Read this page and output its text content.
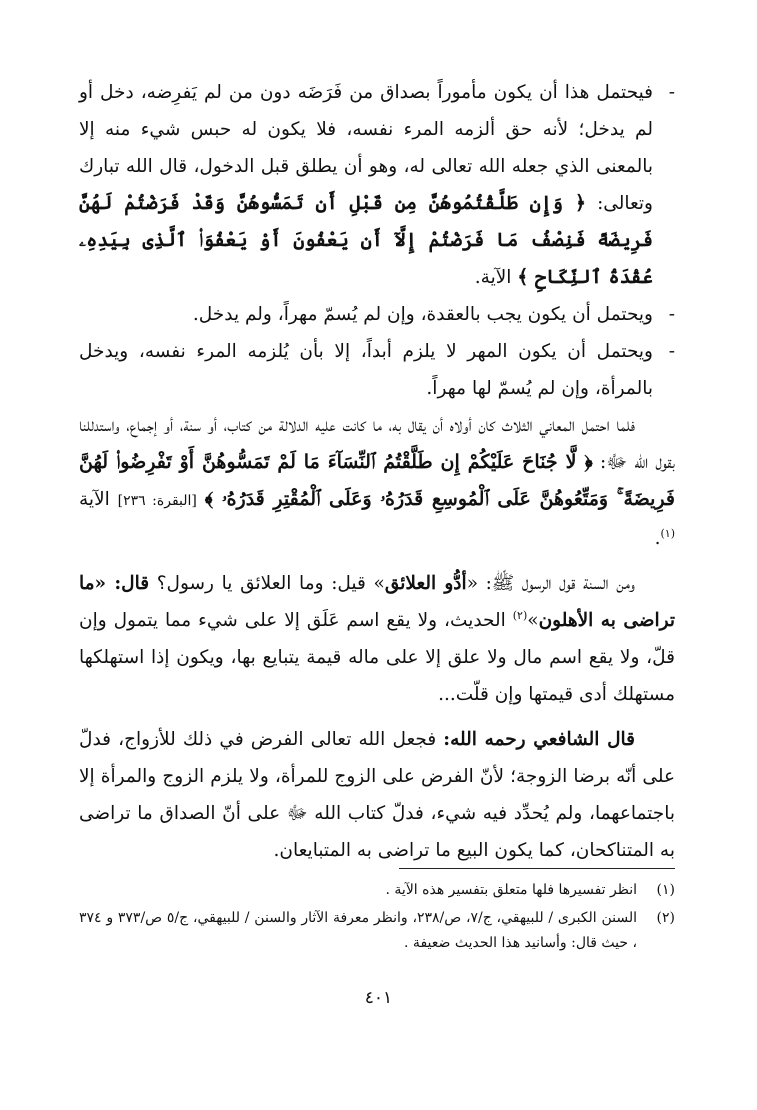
-
فيحتمل هذا أن يكون مأموراً بصداق من فَرَضَه دون من لم يَفرِضه، دخل أو لم يدخل؛ لأنه حق ألزمه المرء نفسه، فلا يكون له حبس شيء منه إلا بالمعنى الذي جعله الله تعالى له، وهو أن يطلق قبل الدخول، قال الله تبارك وتعالى: ﴿ وَإِن طَلَّقْتُمُوهُنَّ مِن قَبْلِ أَن تَمَسُّوهُنَّ وَقَدْ فَرَضْتُمْ لَهُنَّ فَرِيضَةً فَنِصْفُ مَا فَرَضْتُمْ إِلَّآ أَن يَعْفُونَ أَوْ يَعْفُوَا۟ ٱلَّذِى بِيَدِهِۦ عُقْدَةُ ٱلنِّكَاحِ ﴾ الآية.

-
ويحتمل أن يكون يجب بالعقدة، وإن لم يُسمّ مهراً، ولم يدخل.

-
ويحتمل أن يكون المهر لا يلزم أبداً، إلا بأن يُلزمه المرء نفسه، ويدخل بالمرأة، وإن لم يُسمّ لها مهراً.

فلما احتمل المعاني الثلاث كان أولاه أن يقال به، ما كانت عليه الدلالة من كتاب، أو سنة، أو إجماع، واستدللنا بقول الله ﷻ: ﴿ لَّا جُنَاحَ عَلَيْكُمْ إِن طَلَّقْتُمُ ٱلنِّسَآءَ مَا لَمْ تَمَسُّوهُنَّ أَوْ تَفْرِضُوا۟ لَهُنَّ فَرِيضَةً ۚ وَمَتِّعُوهُنَّ عَلَى ٱلْمُوسِعِ قَدَرُهُۥ وَعَلَى ٱلْمُقْتِرِ قَدَرُهُۥ ﴾ [البقرة: ٢٣٦] الآية $^{(١)}$.

ومن السنة قول الرسول ﷺ: «أدُّو العلائق» قيل: وما العلائق يا رسول؟ قال: «ما تراضى به الأهلون»$^{(٢)}$ الحديث، ولا يقع اسم عَلَق إلا على شيء مما يتمول وإن قلّ، ولا يقع اسم مال ولا علق إلا على ماله قيمة يتبايع بها، ويكون إذا استهلكها مستهلك أدى قيمتها وإن قلّت...

قال الشافعي رحمه الله: فجعل الله تعالى الفرض في ذلك للأزواج، فدلّ على أنّه برضا الزوجة؛ لأنّ الفرض على الزوج للمرأة، ولا يلزم الزوج والمرأة إلا باجتماعهما، ولم يُحدِّد فيه شيء، فدلّ كتاب الله ﷻ على أنّ الصداق ما تراضى به المتناكحان، كما يكون البيع ما تراضى به المتبايعان.

(١)
انظر تفسيرها فلها متعلق بتفسير هذه الآية .

(٢)
السنن الكبرى / للبيهقي، ج/٧، ص/٢٣٨، وانظر معرفة الآثار والسنن / للبيهقي، ج/٥ ص/٣٧٣ و ٣٧٤ ، حيث قال: وأسانيد هذا الحديث ضعيفة .

٤٠١
